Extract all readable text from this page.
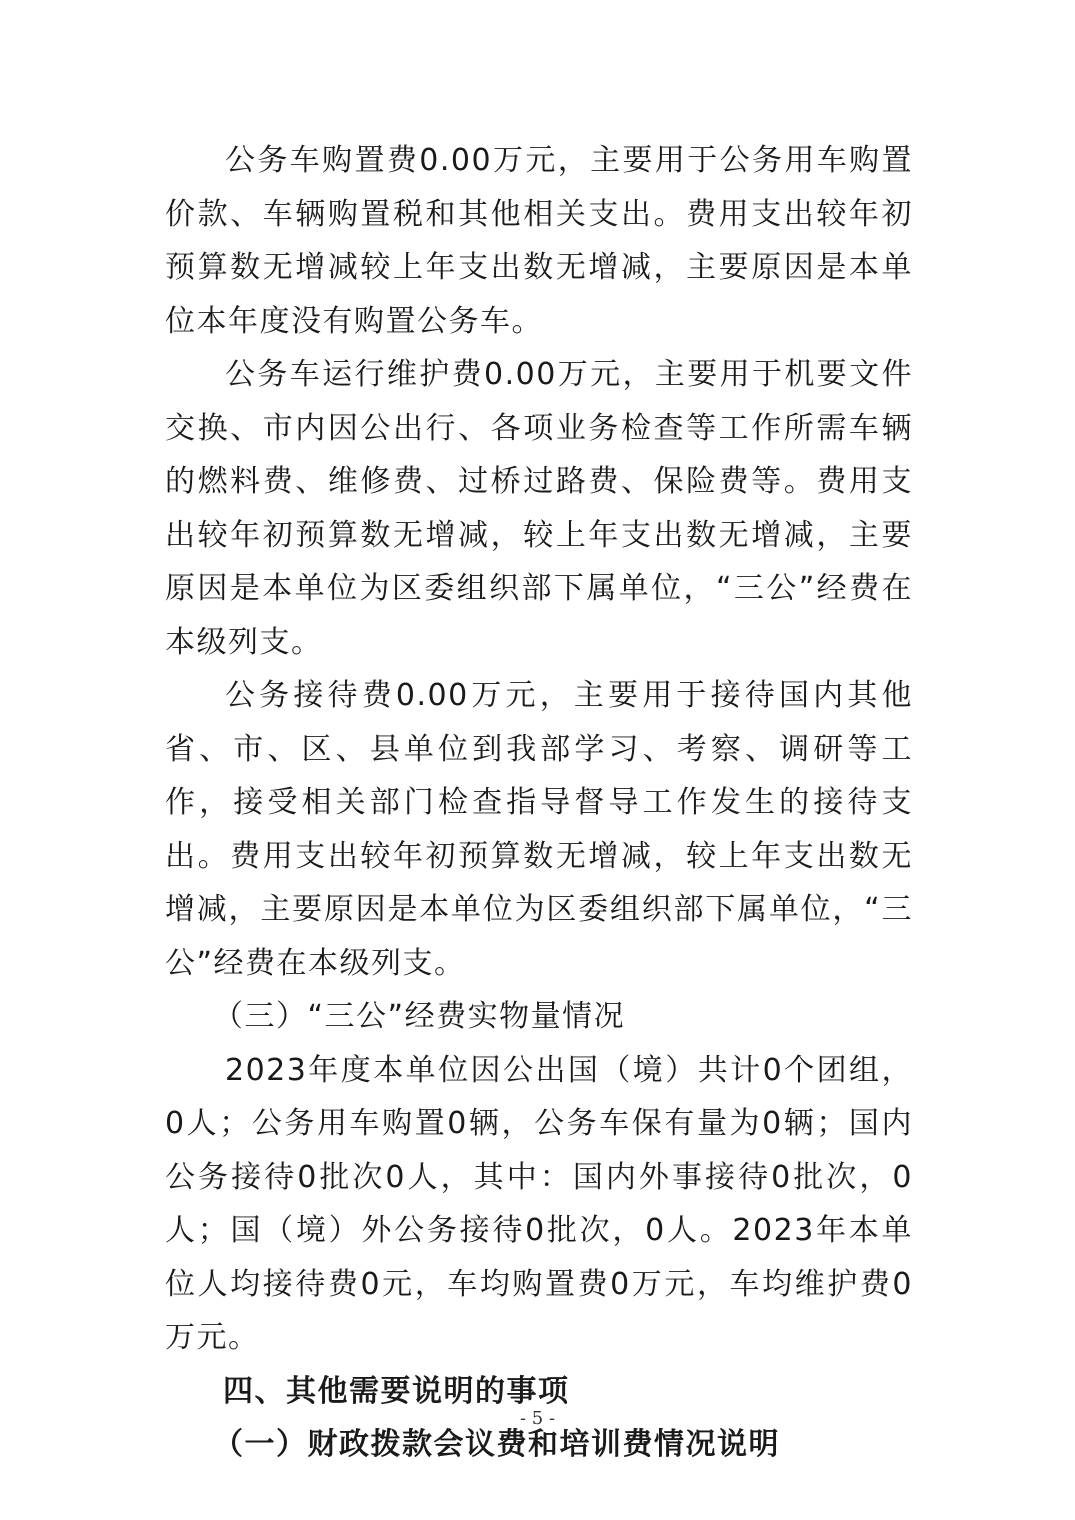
公务车购置费0.00万元，主要用于公务用车购置价款、车辆购置税和其他相关支出。费用支出较年初预算数无增减较上年支出数无增减，主要原因是本单位本年度没有购置公务车。

公务车运行维护费0.00万元，主要用于机要文件交换、市内因公出行、各项业务检查等工作所需车辆的燃料费、维修费、过桥过路费、保险费等。费用支出较年初预算数无增减，较上年支出数无增减，主要原因是本单位为区委组织部下属单位，“三公”经费在本级列支。

公务接待费0.00万元，主要用于接待国内其他省、市、区、县单位到我部学习、考察、调研等工作，接受相关部门检查指导督导工作发生的接待支出。费用支出较年初预算数无增减，较上年支出数无增减，主要原因是本单位为区委组织部下属单位，“三公”经费在本级列支。

（三）“三公”经费实物量情况

2023年度本单位因公出国（境）共计0个团组，0人；公务用车购置0辆，公务车保有量为0辆；国内公务接待0批次0人，其中：国内外事接待0批次，0人；国（境）外公务接待0批次，0人。2023年本单位人均接待费0元，车均购置费0万元，车均维护费0万元。

四、其他需要说明的事项

（一）财政拨款会议费和培训费情况说明

- 5 -
